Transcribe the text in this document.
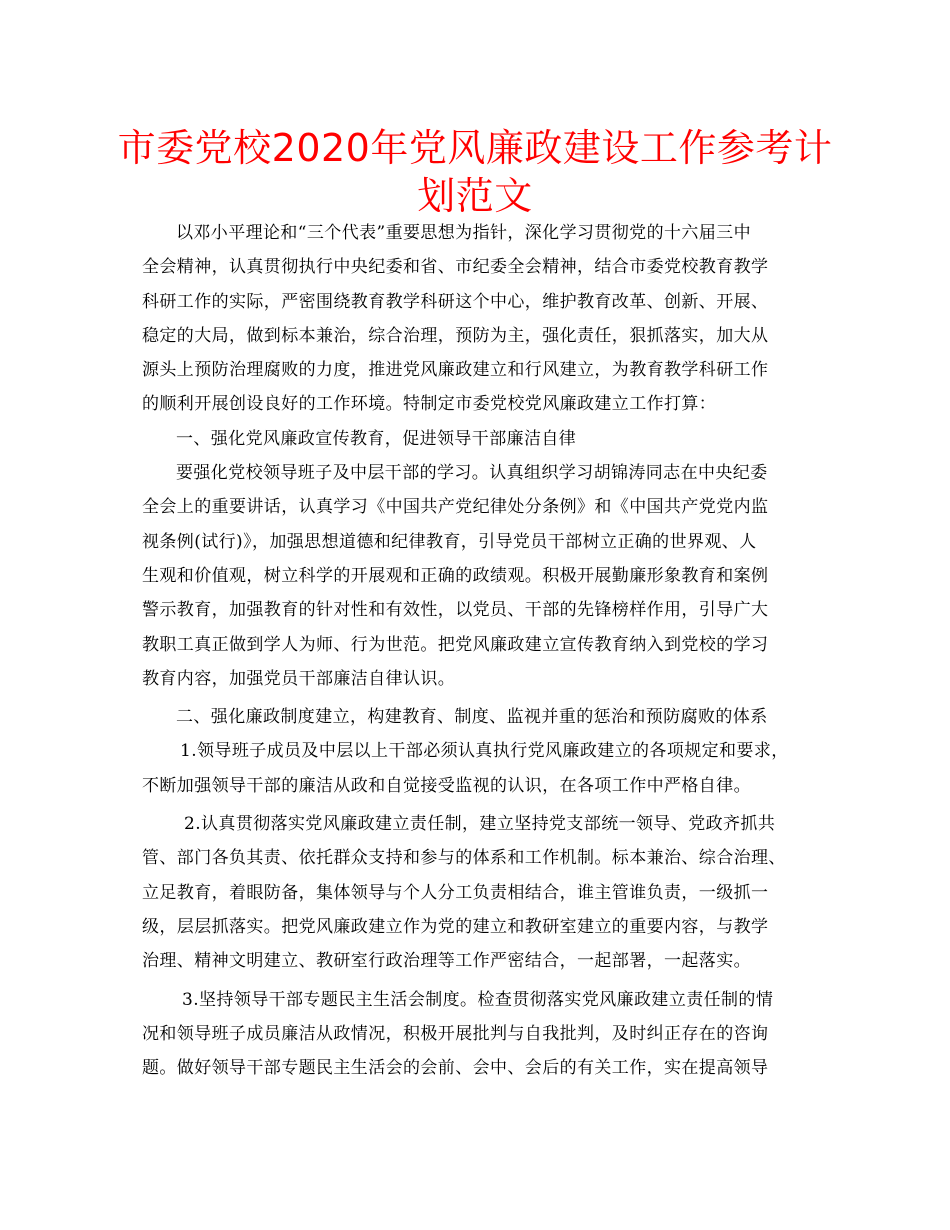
市委党校2020年党风廉政建设工作参考计
划范文
以邓小平理论和“三个代表”重要思想为指针，深化学习贯彻党的十六届三中
全会精神，认真贯彻执行中央纪委和省、市纪委全会精神，结合市委党校教育教学
科研工作的实际，严密围绕教育教学科研这个中心，维护教育改革、创新、开展、
稳定的大局，做到标本兼治，综合治理，预防为主，强化责任，狠抓落实，加大从
源头上预防治理腐败的力度，推进党风廉政建立和行风建立，为教育教学科研工作
的顺利开展创设良好的工作环境。特制定市委党校党风廉政建立工作打算：
一、强化党风廉政宣传教育，促进领导干部廉洁自律
要强化党校领导班子及中层干部的学习。认真组织学习胡锦涛同志在中央纪委
全会上的重要讲话，认真学习《中国共产党纪律处分条例》和《中国共产党党内监
视条例(试行)》，加强思想道德和纪律教育，引导党员干部树立正确的世界观、人
生观和价值观，树立科学的开展观和正确的政绩观。积极开展勤廉形象教育和案例
警示教育，加强教育的针对性和有效性，以党员、干部的先锋榜样作用，引导广大
教职工真正做到学人为师、行为世范。把党风廉政建立宣传教育纳入到党校的学习
教育内容，加强党员干部廉洁自律认识。
二、强化廉政制度建立，构建教育、制度、监视并重的惩治和预防腐败的体系
1.领导班子成员及中层以上干部必须认真执行党风廉政建立的各项规定和要求，
不断加强领导干部的廉洁从政和自觉接受监视的认识，在各项工作中严格自律。
2.认真贯彻落实党风廉政建立责任制，建立坚持党支部统一领导、党政齐抓共
管、部门各负其责、依托群众支持和参与的体系和工作机制。标本兼治、综合治理、
立足教育，着眼防备，集体领导与个人分工负责相结合，谁主管谁负责，一级抓一
级，层层抓落实。把党风廉政建立作为党的建立和教研室建立的重要内容，与教学
治理、精神文明建立、教研室行政治理等工作严密结合，一起部署，一起落实。
3.坚持领导干部专题民主生活会制度。检查贯彻落实党风廉政建立责任制的情
况和领导班子成员廉洁从政情况，积极开展批判与自我批判，及时纠正存在的咨询
题。做好领导干部专题民主生活会的会前、会中、会后的有关工作，实在提高领导
